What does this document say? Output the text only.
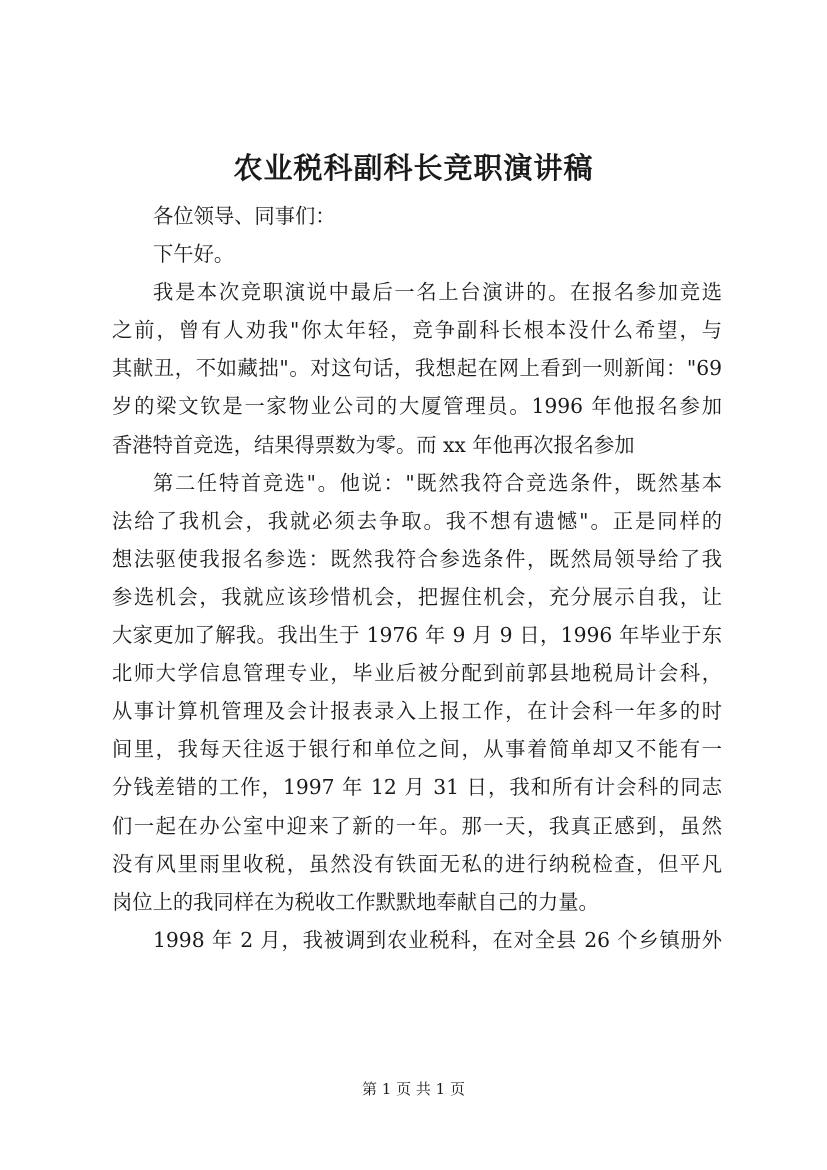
农业税科副科长竞职演讲稿
各位领导、同事们：
下午好。
我是本次竞职演说中最后一名上台演讲的。在报名参加竞选
之前，曾有人劝我"你太年轻，竞争副科长根本没什么希望，与
其献丑，不如藏拙"。对这句话，我想起在网上看到一则新闻："69
岁的梁文钦是一家物业公司的大厦管理员。1996 年他报名参加
香港特首竞选，结果得票数为零。而 xx 年他再次报名参加
第二任特首竞选"。他说："既然我符合竞选条件，既然基本
法给了我机会，我就必须去争取。我不想有遗憾"。正是同样的
想法驱使我报名参选：既然我符合参选条件，既然局领导给了我
参选机会，我就应该珍惜机会，把握住机会，充分展示自我，让
大家更加了解我。我出生于 1976 年 9 月 9 日，1996 年毕业于东
北师大学信息管理专业，毕业后被分配到前郭县地税局计会科，
从事计算机管理及会计报表录入上报工作，在计会科一年多的时
间里，我每天往返于银行和单位之间，从事着简单却又不能有一
分钱差错的工作，1997 年 12 月 31 日，我和所有计会科的同志
们一起在办公室中迎来了新的一年。那一天，我真正感到，虽然
没有风里雨里收税，虽然没有铁面无私的进行纳税检查，但平凡
岗位上的我同样在为税收工作默默地奉献自己的力量。
1998 年 2 月，我被调到农业税科，在对全县 26 个乡镇册外
第 1 页 共 1 页
